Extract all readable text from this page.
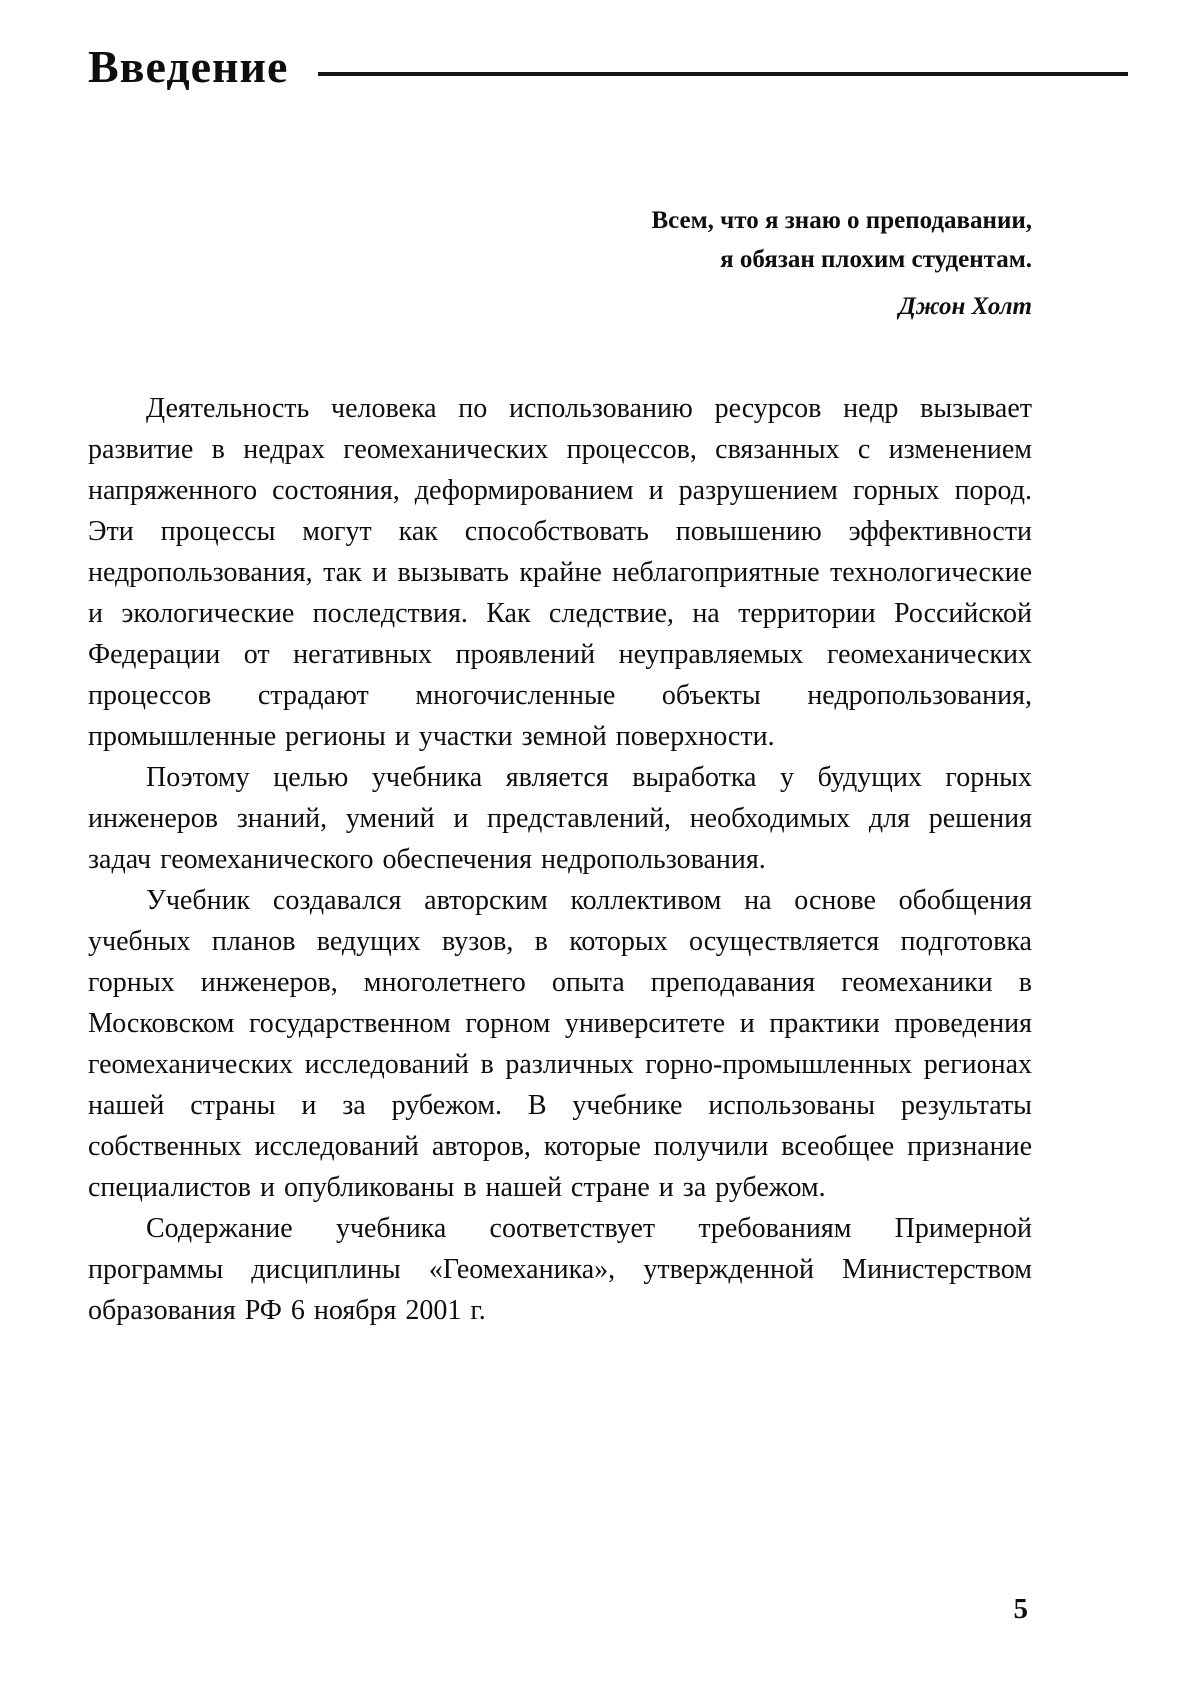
Введение
Всем, что я знаю о преподавании,
я обязан плохим студентам.
Джон Холт

Деятельность человека по использованию ресурсов недр вызывает развитие в недрах геомеханических процессов, связанных с изменением напряженного состояния, деформированием и разрушением горных пород. Эти процессы могут как способствовать повышению эффективности недропользования, так и вызывать крайне неблагоприятные технологические и экологические последствия. Как следствие, на территории Российской Федерации от негативных проявлений неуправляемых геомеханических процессов страдают многочисленные объекты недропользования, промышленные регионы и участки земной поверхности.

Поэтому целью учебника является выработка у будущих горных инженеров знаний, умений и представлений, необходимых для решения задач геомеханического обеспечения недропользования.

Учебник создавался авторским коллективом на основе обобщения учебных планов ведущих вузов, в которых осуществляется подготовка горных инженеров, многолетнего опыта преподавания геомеханики в Московском государственном горном университете и практики проведения геомеханических исследований в различных горно-промышленных регионах нашей страны и за рубежом. В учебнике использованы результаты собственных исследований авторов, которые получили всеобщее признание специалистов и опубликованы в нашей стране и за рубежом.

Содержание учебника соответствует требованиям Примерной программы дисциплины «Геомеханика», утвержденной Министерством образования РФ 6 ноября 2001 г.

5
